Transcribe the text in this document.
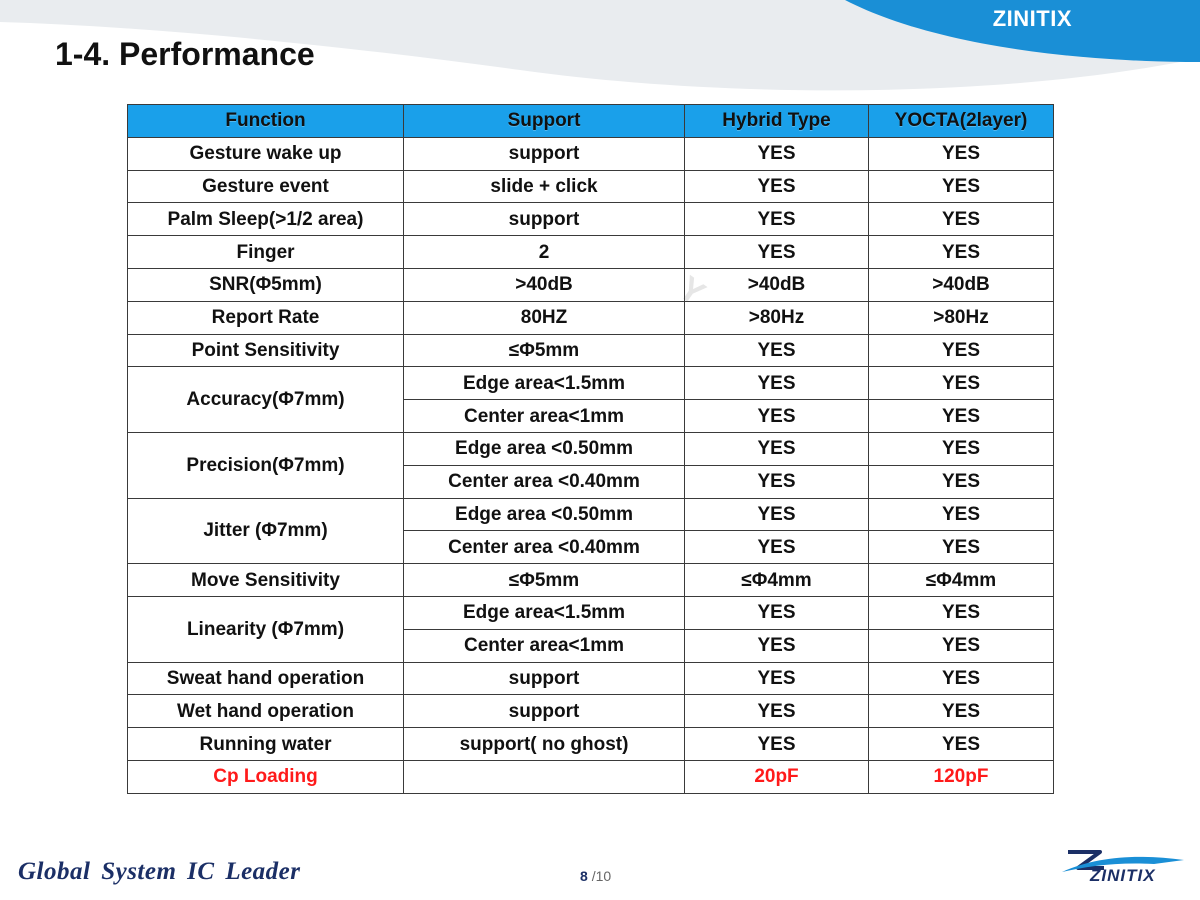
ZINITIX
1-4. Performance
Y
Function	Support	Hybrid Type	YOCTA(2layer)
Gesture wake up	support	YES	YES
Gesture event	slide + click	YES	YES
Palm Sleep(>1/2 area)	support	YES	YES
Finger	2	YES	YES
SNR(Φ5mm)	>40dB	>40dB	>40dB
Report Rate	80HZ	>80Hz	>80Hz
Point Sensitivity	≤Φ5mm	YES	YES
Accuracy(Φ7mm)	Edge area<1.5mm	YES	YES
	Center area<1mm	YES	YES
Precision(Φ7mm)	Edge area <0.50mm	YES	YES
	Center area <0.40mm	YES	YES
Jitter (Φ7mm)	Edge area <0.50mm	YES	YES
	Center area <0.40mm	YES	YES
Move Sensitivity	≤Φ5mm	≤Φ4mm	≤Φ4mm
Linearity (Φ7mm)	Edge area<1.5mm	YES	YES
	Center area<1mm	YES	YES
Sweat hand operation	support	YES	YES
Wet hand operation	support	YES	YES
Running water	support( no ghost)	YES	YES
Cp Loading		20pF	120pF
Global System IC Leader	8 /10	ZINITIX
